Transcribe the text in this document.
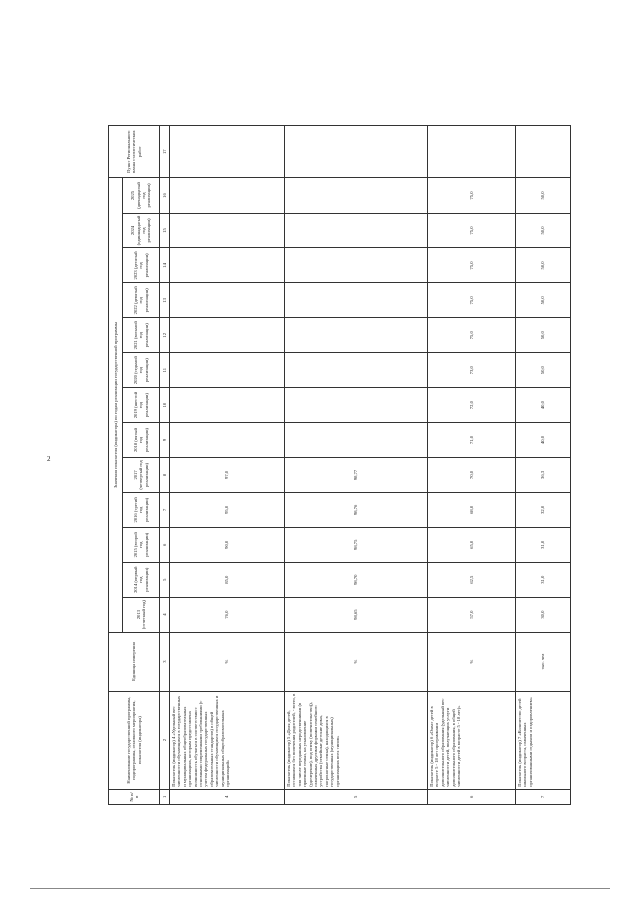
2
№ п/п	Наименование государственной программы, подпрограммы, основного мероприятия, показателя (индикатора)	Единица измерения	Значения показателя (индикатора) по годам реализации государственной программы													Пункт Регионального плана статистических работ
			2013 (отчетный год)	2014 (первый год реализации)	2015 (второй год реализации)	2016 (третий год реализации)	2017 (четвертый год реализации)	2018 (пятый год реализации)	2019 (шестой год реализации)	2020 (седьмой год реализации)	2021 (восьмой год реализации)	2022 (девятый год реализации)	2023 (десятый год реализации)	2024 (одиннадцатый год реализации)	2025 (двенадцатый год реализации)	
1	2	3	4	5	6	7	8	9	10	11	12	13	14	15	16	17
4	Показатель (индикатор) 4 «Удельный вес численности обучающихся в государственных и муниципальных общеобразовательных организациях, которым предоставлена возможность обучаться в соответствии с основными современными требованиями (с учетом федеральных государственных образовательных стандартов) в общей численности обучающихся государственных и муниципальных общеобразовательных организаций»	%	76,0	85,0	90,0	95,0	97,0									
5	Показатель (индикатор) 5 «Доля детей, оставшихся без попечения родителей, - всего, в том числе переданных неродственникам (в приемные семьи, на усыновление (удочерение), под опеку (попечительство)), охваченных другими формами семейного устройства (семейные детские дома, патронатные семьи), находящихся в государственных (муниципальных) организациях всех типов»	%	98,65	98,70	98,75	98,76	98,77									
6	Показатель (индикатор) 6 «Охват детей в возрасте 5 - 18 лет программами дополнительного образования (удельный вес численности детей, получающих услуги дополнительного образования, в общей численности детей в возрасте 5 - 18 лет)»	%	57,0	62,5	65,0	68,0	70,0	71,0	72,0	73,0	75,0	75,0	75,0	75,0	75,0	
7	Показатель (индикатор) 7 «Количество детей школьного возраста, охваченных организованными отдыхом и оздоровлением»	тыс. чел	30,0	31,0	31,0	32,0	36,3	40,0	40,0	50,0	50,0	50,0	50,0	50,0	50,0	
